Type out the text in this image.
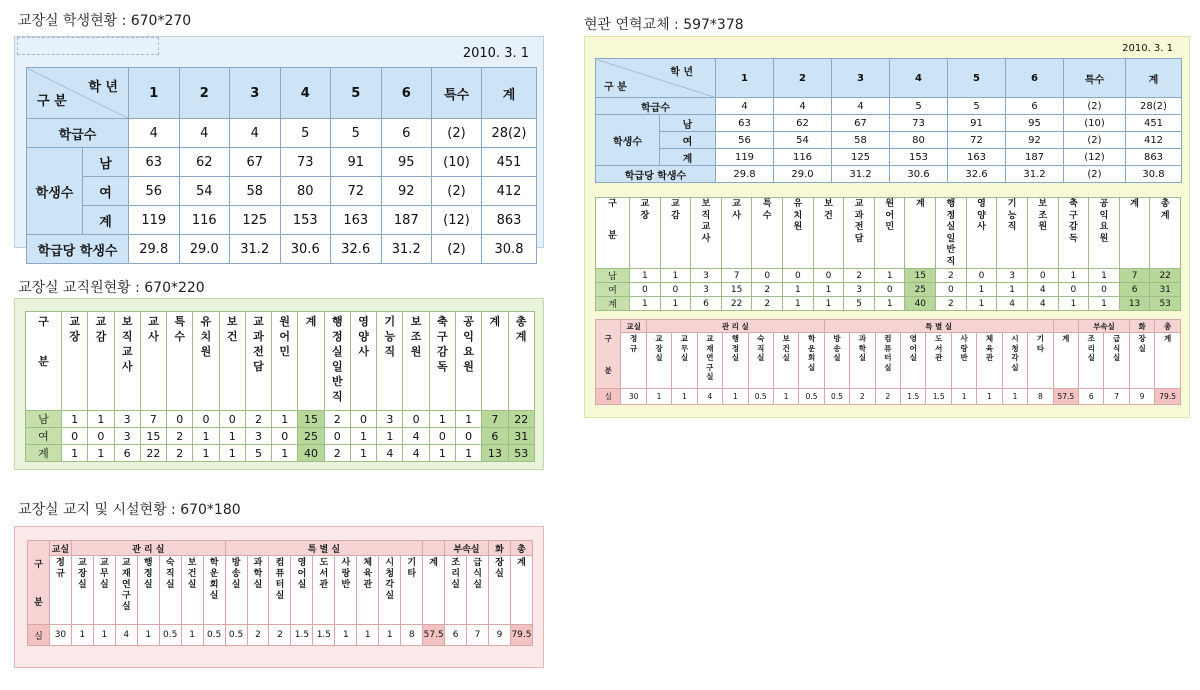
교장실 학생현황 : 670*270
교장실 교직원현황 : 670*220
교장실 교지 및 시설현황 : 670*180
현관 연혁교체 : 597*378
2010. 3. 1
학 년
구 분		1	2	3	4	5	6	특수	계
학급수		4	4	4	5	5	6	(2)	28(2)
학생수	남	63	62	67	73	91	95	(10)	451
	여	56	54	58	80	72	92	(2)	412
	계	119	116	125	153	163	187	(12)	863
학급당 학생수		29.8	29.0	31.2	30.6	32.6	31.2	(2)	30.8
구
분	교장	교감	보직교사	교사	특수	유치원	보건	교과전담	원어민	계	행정실일반직	영양사	기능직	보조원	축구감독	공익요원	계	총계
남	1	1	3	7	0	0	0	2	1	15	2	0	3	0	1	1	7	22
여	0	0	3	15	2	1	1	3	0	25	0	1	1	4	0	0	6	31
계	1	1	6	22	2	1	1	5	1	40	2	1	4	4	1	1	13	53
구
분	교실	관 리 실							특 별 실										부속실		화	총
	정규	교장실	교무실	교재연구실	행정실	숙직실	보건실	학운회실	방송실	과학실	컴퓨터실	영어실	도서관	사랑반	체육관	시청각실	기타	계	조리실	급식실	장실	계
실	30	1	1	4	1	0.5	1	0.5	0.5	2	2	1.5	1.5	1	1	1	8	57.5	6	7	9	79.5
2010. 3. 1
학 년
구 분		1	2	3	4	5	6	특수	계
학급수		4	4	4	5	5	6	(2)	28(2)
학생수	남	63	62	67	73	91	95	(10)	451
	여	56	54	58	80	72	92	(2)	412
	계	119	116	125	153	163	187	(12)	863
학급당 학생수		29.8	29.0	31.2	30.6	32.6	31.2	(2)	30.8
구
분	교장	교감	보직교사	교사	특수	유치원	보건	교과전담	원어민	계	행정실일반직	영양사	기능직	보조원	축구감독	공익요원	계	총계
남	1	1	3	7	0	0	0	2	1	15	2	0	3	0	1	1	7	22
여	0	0	3	15	2	1	1	3	0	25	0	1	1	4	0	0	6	31
계	1	1	6	22	2	1	1	5	1	40	2	1	4	4	1	1	13	53
구
분	교실	관 리 실							특 별 실										부속실		화	총
	정규	교장실	교무실	교재연구실	행정실	숙직실	보건실	학운회실	방송실	과학실	컴퓨터실	영어실	도서관	사랑반	체육관	시청각실	기타	계	조리실	급식실	장실	계
실	30	1	1	4	1	0.5	1	0.5	0.5	2	2	1.5	1.5	1	1	1	8	57.5	6	7	9	79.5
